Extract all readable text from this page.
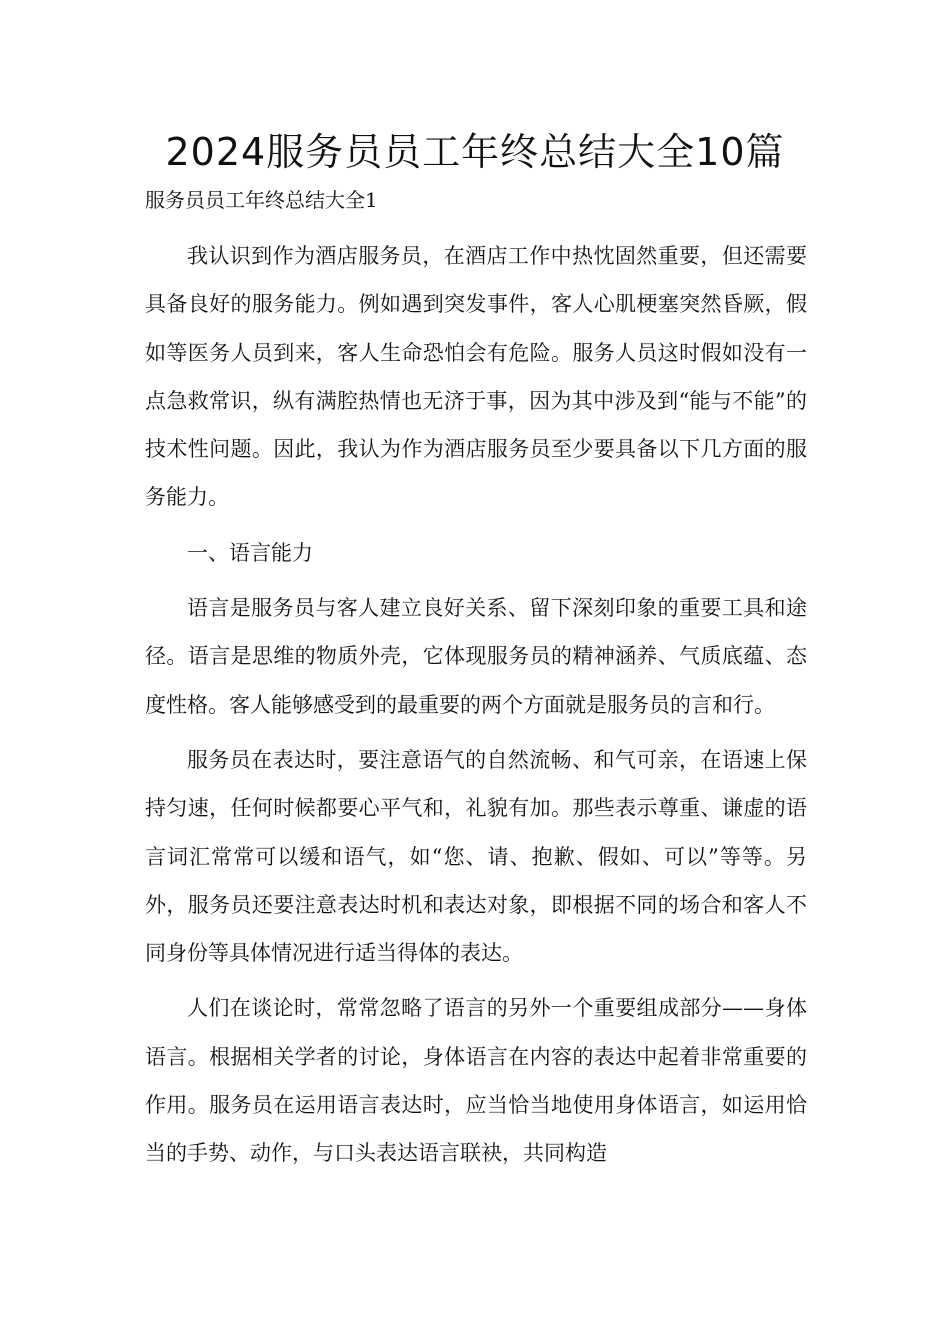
2024服务员员工年终总结大全10篇
服务员员工年终总结大全1

我认识到作为酒店服务员，在酒店工作中热忱固然重要，但还需要具备良好的服务能力。例如遇到突发事件，客人心肌梗塞突然昏厥，假如等医务人员到来，客人生命恐怕会有危险。服务人员这时假如没有一点急救常识，纵有满腔热情也无济于事，因为其中涉及到“能与不能”的技术性问题。因此，我认为作为酒店服务员至少要具备以下几方面的服务能力。

一、语言能力

语言是服务员与客人建立良好关系、留下深刻印象的重要工具和途径。语言是思维的物质外壳，它体现服务员的精神涵养、气质底蕴、态度性格。客人能够感受到的最重要的两个方面就是服务员的言和行。

服务员在表达时，要注意语气的自然流畅、和气可亲，在语速上保持匀速，任何时候都要心平气和，礼貌有加。那些表示尊重、谦虚的语言词汇常常可以缓和语气，如“您、请、抱歉、假如、可以”等等。另外，服务员还要注意表达时机和表达对象，即根据不同的场合和客人不同身份等具体情况进行适当得体的表达。

人们在谈论时，常常忽略了语言的另外一个重要组成部分——身体语言。根据相关学者的讨论，身体语言在内容的表达中起着非常重要的作用。服务员在运用语言表达时，应当恰当地使用身体语言，如运用恰当的手势、动作，与口头表达语言联袂，共同构造
